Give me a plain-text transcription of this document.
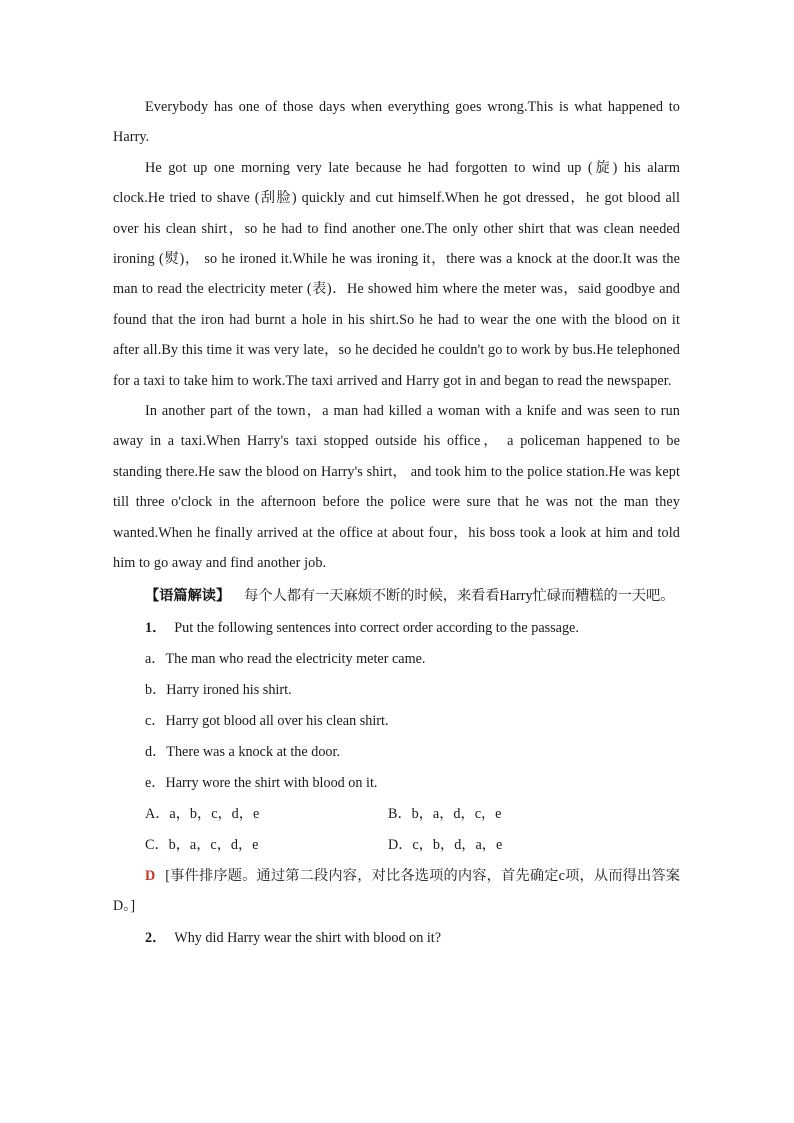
Everybody has one of those days when everything goes wrong.This is what happened to Harry.

He got up one morning very late because he had forgotten to wind up (旋) his alarm clock.He tried to shave (刮脸) quickly and cut himself.When he got dressed，he got blood all over his clean shirt，so he had to find another one.The only other shirt that was clean needed ironing (熨)， so he ironed it.While he was ironing it，there was a knock at the door.It was the man to read the electricity meter (表)．He showed him where the meter was，said goodbye and found that the iron had burnt a hole in his shirt.So he had to wear the one with the blood on it after all.By this time it was very late，so he decided he couldn't go to work by bus.He telephoned for a taxi to take him to work.The taxi arrived and Harry got in and began to read the newspaper.

In another part of the town，a man had killed a woman with a knife and was seen to run away in a taxi.When Harry's taxi stopped outside his office， a policeman happened to be standing there.He saw the blood on Harry's shirt， and took him to the police station.He was kept till three o'clock in the afternoon before the police were sure that he was not the man they wanted.When he finally arrived at the office at about four，his boss took a look at him and told him to go away and find another job.

【语篇解读】 每个人都有一天麻烦不断的时候，来看看Harry忙碌而糟糕的一天吧。

1． Put the following sentences into correct order according to the passage.

a．The man who read the electricity meter came.

b．Harry ironed his shirt.

c．Harry got blood all over his clean shirt.

d．There was a knock at the door.

e．Harry wore the shirt with blood on it.

A．a，b，c，d，e	B．b，a，d，c，e
C．b，a，c，d，e	D．c，b，d，a，e

D [事件排序题。通过第二段内容，对比各选项的内容，首先确定c项，从而得出答案D。]

2． Why did Harry wear the shirt with blood on it?
